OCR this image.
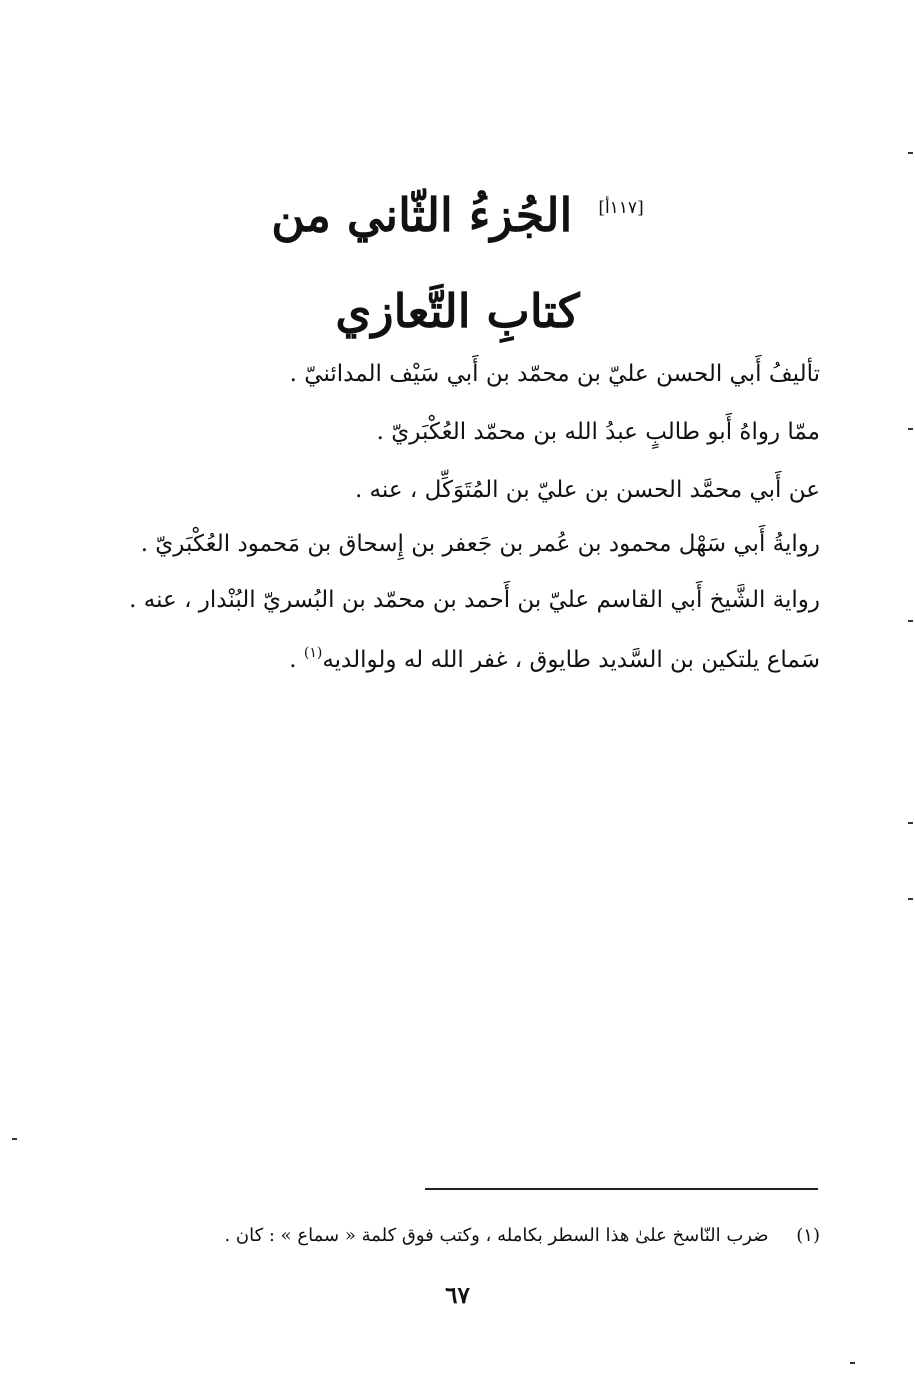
[١١٧أ] الجُزءُ الثّاني من
كتابِ التَّعازي

تأليفُ أَبي الحسن عليّ بن محمّد بن أَبي سَيْف المدائنيّ .

ممّا رواهُ أَبو طالبٍ عبدُ الله بن محمّد العُكْبَريّ .

عن أَبي محمَّد الحسن بن عليّ بن المُتَوَكِّل ، عنه .

روايةُ أَبي سَهْل محمود بن عُمر بن جَعفر بن إِسحاق بن مَحمود العُكْبَريّ .

رواية الشَّيخ أَبي القاسم عليّ بن أَحمد بن محمّد بن البُسريّ البُنْدار ، عنه .

سَماع يلتكين بن السَّديد طايوق ، غفر الله له ولوالديه$^{(١)}$ .

(١) ضرب النّاسخ علىٰ هذا السطر بكامله ، وكتب فوق كلمة « سماع » : كان .
٦٧
